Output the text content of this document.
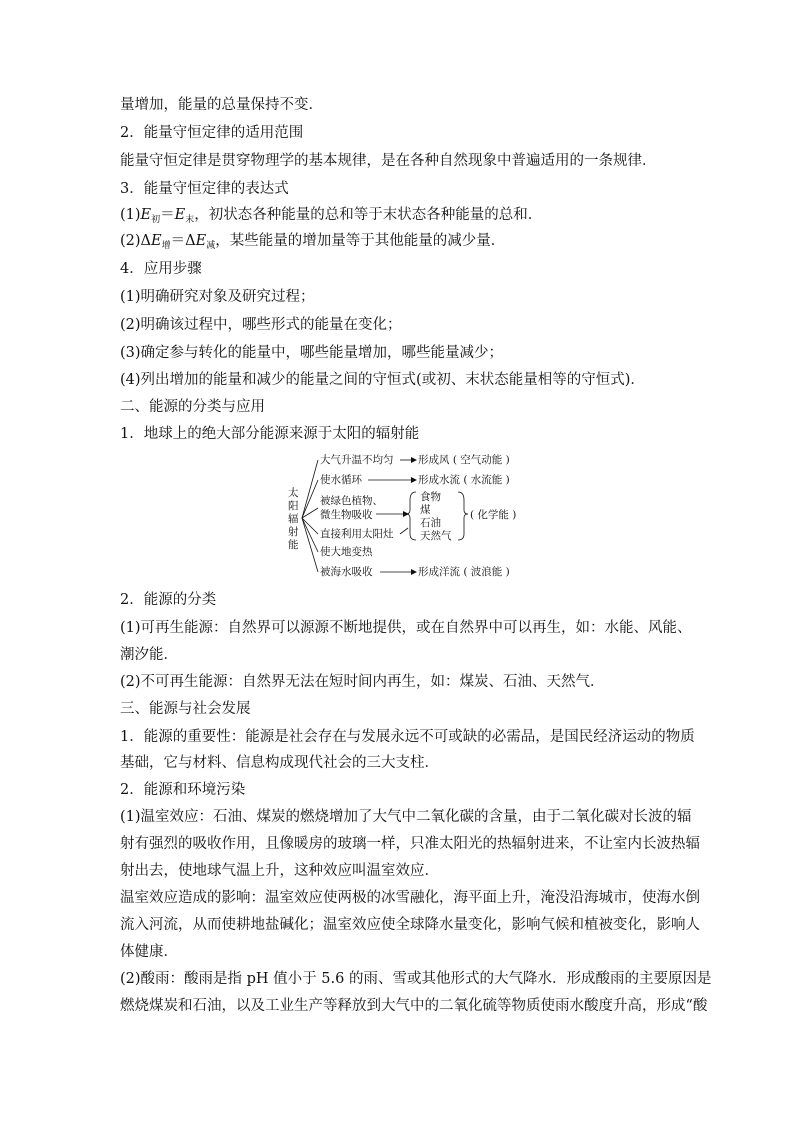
量增加，能量的总量保持不变．
2．能量守恒定律的适用范围
能量守恒定律是贯穿物理学的基本规律，是在各种自然现象中普遍适用的一条规律．
3．能量守恒定律的表达式
$(1)E_初=E_末$，初状态各种能量的总和等于末状态各种能量的总和．
$(2)\Delta E_增=\Delta E_减$，某些能量的增加量等于其他能量的减少量．
4．应用步骤
(1)明确研究对象及研究过程；
(2)明确该过程中，哪些形式的能量在变化；
(3)确定参与转化的能量中，哪些能量增加，哪些能量减少；
(4)列出增加的能量和减少的能量之间的守恒式(或初、末状态能量相等的守恒式)．
二、能源的分类与应用
1．地球上的绝大部分能源来源于太阳的辐射能
太
阳
辐
射
能
大气升温不均匀 形成风 ( 空气动能 )
使水循环	形成水流 ( 水流能 )
被绿色植物、
微生物吸收
食物
煤
石油
天然气
( 化学能 )
直接利用太阳灶
使大地变热
被海水吸收	形成洋流 ( 波浪能 )
2．能源的分类
(1)可再生能源：自然界可以源源不断地提供，或在自然界中可以再生，如：水能、风能、
潮汐能．
(2)不可再生能源：自然界无法在短时间内再生，如：煤炭、石油、天然气．
三、能源与社会发展
1．能源的重要性：能源是社会存在与发展永远不可或缺的必需品，是国民经济运动的物质
基础，它与材料、信息构成现代社会的三大支柱．
2．能源和环境污染
(1)温室效应：石油、煤炭的燃烧增加了大气中二氧化碳的含量，由于二氧化碳对长波的辐
射有强烈的吸收作用，且像暖房的玻璃一样，只准太阳光的热辐射进来，不让室内长波热辐
射出去，使地球气温上升，这种效应叫温室效应．
温室效应造成的影响：温室效应使两极的冰雪融化，海平面上升，淹没沿海城市，使海水倒
流入河流，从而使耕地盐碱化；温室效应使全球降水量变化，影响气候和植被变化，影响人
体健康．
(2)酸雨：酸雨是指 pH 值小于 5.6 的雨、雪或其他形式的大气降水．形成酸雨的主要原因是
燃烧煤炭和石油，以及工业生产等释放到大气中的二氧化硫等物质使雨水酸度升高，形成“酸
